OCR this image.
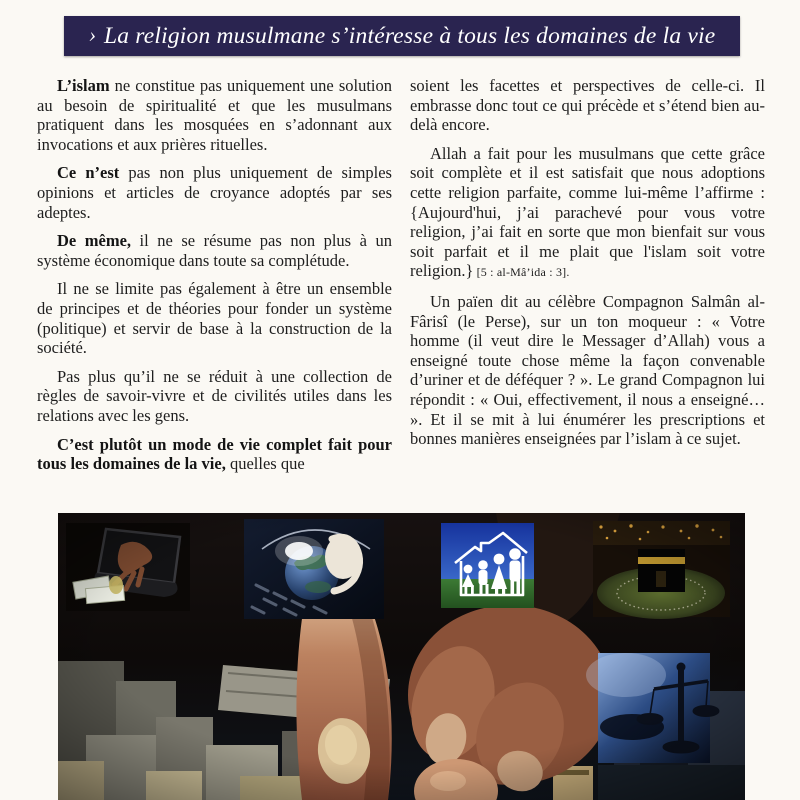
› La religion musulmane s’intéresse à tous les domaines de la vie

L’islam ne constitue pas uniquement une solution au besoin de spiritualité et que les musulmans pratiquent dans les mosquées en s’adonnant aux invocations et aux prières rituelles.

Ce n’est pas non plus uniquement de simples opinions et articles de croyance adoptés par ses adeptes.

De même, il ne se résume pas non plus à un système économique dans toute sa complétude.

Il ne se limite pas également à être un ensemble de principes et de théories pour fonder un système (politique) et servir de base à la construction de la société.

Pas plus qu’il ne se réduit à une collection de règles de savoir-vivre et de civilités utiles dans les relations avec les gens.

C’est plutôt un mode de vie complet fait pour tous les domaines de la vie, quelles que

soient les facettes et perspectives de celle-ci. Il embrasse donc tout ce qui précède et s’étend bien au-delà encore.

Allah a fait pour les musulmans que cette grâce soit complète et il est satisfait que nous adoptions cette religion parfaite, comme lui-même l’affirme : {Aujourd'hui, j’ai parachevé pour vous votre religion, j’ai fait en sorte que mon bienfait sur vous soit parfait et il me plait que l'islam soit votre religion.} [5 : al-Mâ’ida : 3].

Un païen dit au célèbre Compagnon Salmân al-Fârisî (le Perse), sur un ton moqueur : « Votre homme (il veut dire le Messager d’Allah) vous a enseigné toute chose même la façon convenable d’uriner et de déféquer ? ». Le grand Compagnon lui répondit : « Oui, effectivement, il nous a enseigné… ». Et il se mit à lui énumérer les prescriptions et bonnes manières enseignées par l’islam à ce sujet.
